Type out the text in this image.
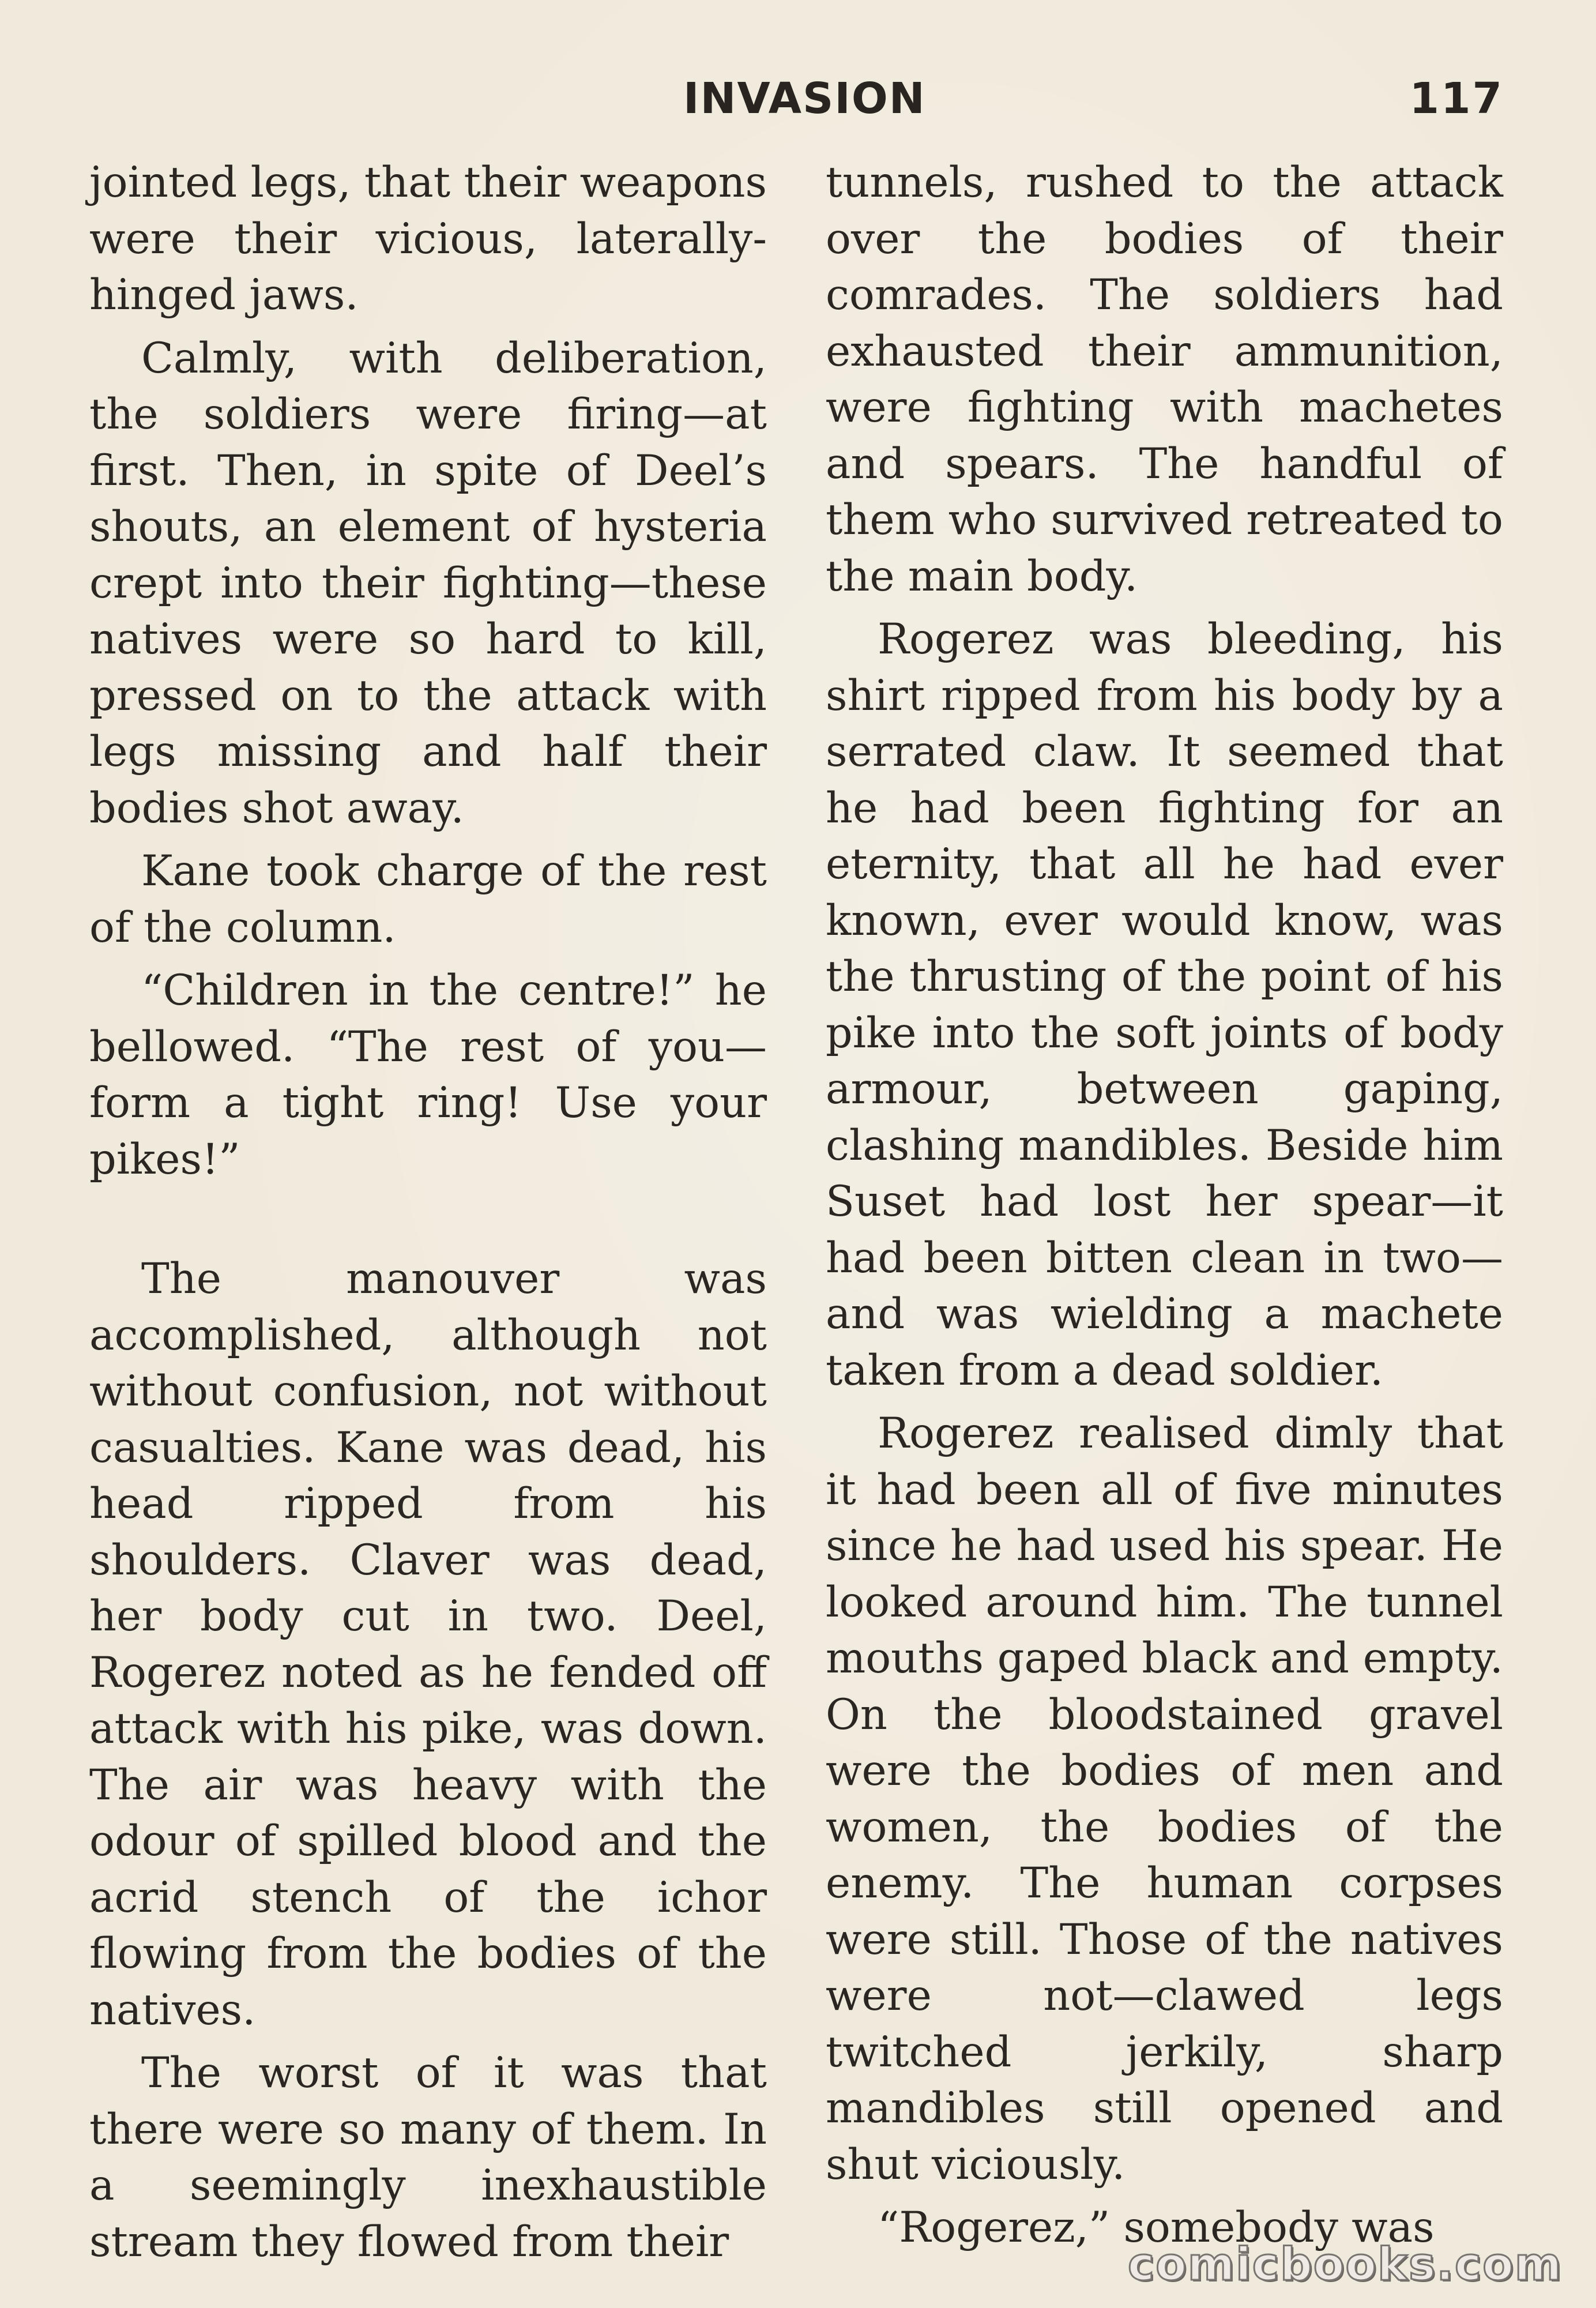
INVASION	117

jointed legs, that their weapons were their vicious, laterally-hinged jaws.

Calmly, with deliberation, the soldiers were firing—at first. Then, in spite of Deel’s shouts, an element of hysteria crept into their fighting—these natives were so hard to kill, pressed on to the attack with legs missing and half their bodies shot away.

Kane took charge of the rest of the column.

“Children in the centre!” he bellowed. “The rest of you—form a tight ring! Use your pikes!”

The manouver was accomplished, although not without confusion, not without casualties. Kane was dead, his head ripped from his shoulders. Claver was dead, her body cut in two. Deel, Rogerez noted as he fended off attack with his pike, was down. The air was heavy with the odour of spilled blood and the acrid stench of the ichor flowing from the bodies of the natives.

The worst of it was that there were so many of them. In a seemingly inexhaustible stream they flowed from their

tunnels, rushed to the attack over the bodies of their comrades. The soldiers had exhausted their ammunition, were fighting with machetes and spears. The handful of them who survived retreated to the main body.

Rogerez was bleeding, his shirt ripped from his body by a serrated claw. It seemed that he had been fighting for an eternity, that all he had ever known, ever would know, was the thrusting of the point of his pike into the soft joints of body armour, between gaping, clashing mandibles. Beside him Suset had lost her spear—it had been bitten clean in two—and was wielding a machete taken from a dead soldier.

Rogerez realised dimly that it had been all of five minutes since he had used his spear. He looked around him. The tunnel mouths gaped black and empty. On the bloodstained gravel were the bodies of men and women, the bodies of the enemy. The human corpses were still. Those of the natives were not—clawed legs twitched jerkily, sharp mandibles still opened and shut viciously.

“Rogerez,” somebody was

comicbooks.com
